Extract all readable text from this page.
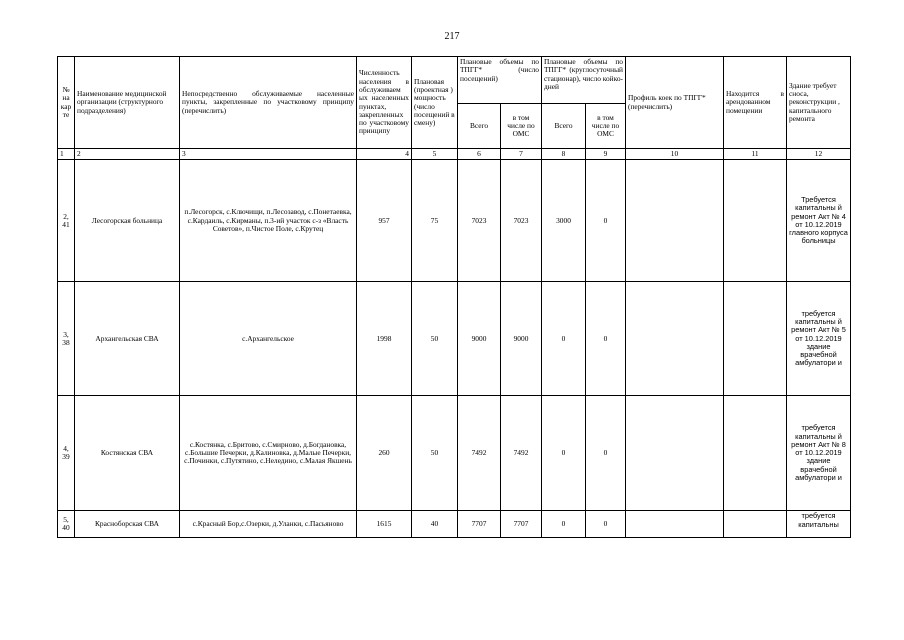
217
№ на кар те	Наименование медицинской организации (структурного подразделения)	Непосредственно обслуживаемые населенные пункты, закрепленные по участковому принципу (перечислить)	Численность населения в обслуживаем ых населенных пунктах, закрепленных по участковому принципу	Плановая (проектная ) мощность (число посещений в смену)	Плановые объемы по ТПГГ* (число посещений)		Плановые объемы по ТПГГ* (круглосуточный стационар), число койко-дней		Профиль коек по ТПГГ* (перечислить)	Находится в арендованном помещении	Здание требует сноса, реконструкции , капитального ремонта
					Всего	в том числе по ОМС	Всего	в том числе по ОМС			
1	2	3	4	5	6	7	8	9	10	11	12
2, 41	Лесогорская больница	п.Лесогорск, с.Ключищи, п.Лесозавод, с.Понетаевка, с.Кардаиль, с.Кирманы, п.3-ий участок с-з «Власть Советов», п.Чистое Поле, с.Крутец	957	75	7023	7023	3000	0			Требуется капитальны й ремонт Акт № 4 от 10.12.2019 главного корпуса больницы
3, 38	Архангельская СВА	с.Архангельское	1998	50	9000	9000	0	0			требуется капитальны й ремонт Акт № 5 от 10.12.2019 здание врачебной амбулатори и
4, 39	Костянская СВА	с.Костянка, с.Бритово, с.Смирново, д.Богдановка, с.Большие Печерки, д.Калиновка, д.Малые Печерки, с.Починки, с.Путятино, с.Неледино, с.Малая Якшень	260	50	7492	7492	0	0			требуется капитальны й ремонт Акт № 8 от 10.12.2019 здание врачебной амбулатори и
5, 40	Красноборская СВА	с.Красный Бор,с.Озерки, д.Уланки, с.Пасьяново	1615	40	7707	7707	0	0			требуется капитальны
